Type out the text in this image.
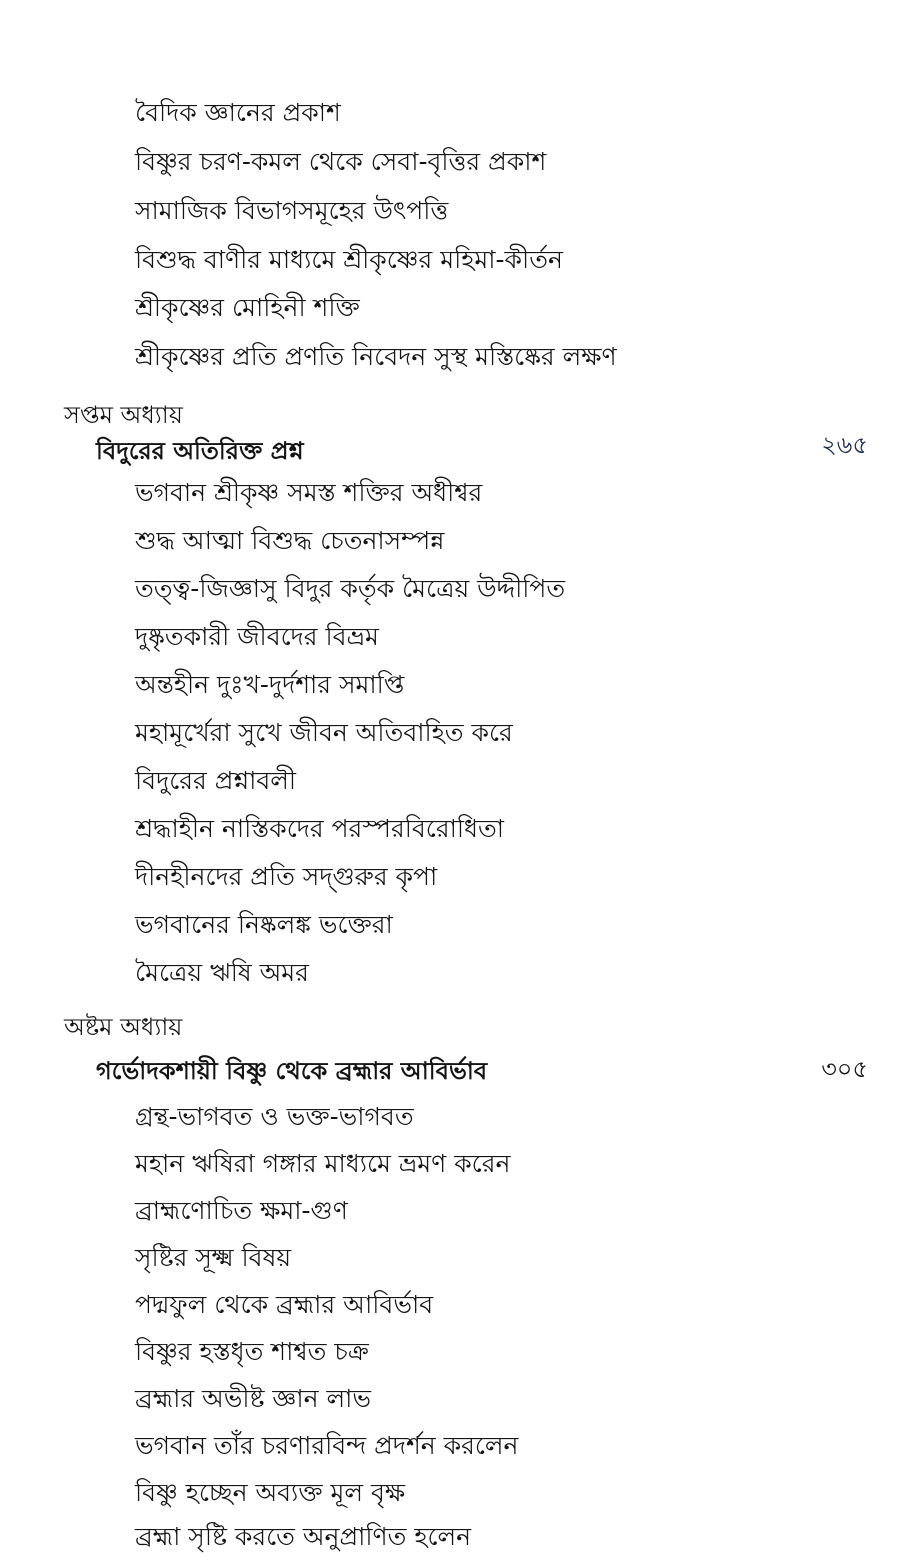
বৈদিক জ্ঞানের প্রকাশ
বিষ্ণুর চরণ-কমল থেকে সেবা-বৃত্তির প্রকাশ
সামাজিক বিভাগসমূহের উৎপত্তি
বিশুদ্ধ বাণীর মাধ্যমে শ্রীকৃষ্ণের মহিমা-কীর্তন
শ্রীকৃষ্ণের মোহিনী শক্তি
শ্রীকৃষ্ণের প্রতি প্রণতি নিবেদন সুস্থ মস্তিষ্কের লক্ষণ
সপ্তম অধ্যায়
বিদুরের অতিরিক্ত প্রশ্ন	২৬৫
ভগবান শ্রীকৃষ্ণ সমস্ত শক্তির অধীশ্বর
শুদ্ধ আত্মা বিশুদ্ধ চেতনাসম্পন্ন
তত্ত্ব-জিজ্ঞাসু বিদুর কর্তৃক মৈত্রেয় উদ্দীপিত
দুষ্কৃতকারী জীবদের বিভ্রম
অন্তহীন দুঃখ-দুর্দশার সমাপ্তি
মহামূর্খেরা সুখে জীবন অতিবাহিত করে
বিদুরের প্রশ্নাবলী
শ্রদ্ধাহীন নাস্তিকদের পরস্পরবিরোধিতা
দীনহীনদের প্রতি সদ্‌গুরুর কৃপা
ভগবানের নিষ্কলঙ্ক ভক্তেরা
মৈত্রেয় ঋষি অমর
অষ্টম অধ্যায়
গর্ভোদকশায়ী বিষ্ণু থেকে ব্রহ্মার আবির্ভাব	৩০৫
গ্রন্থ-ভাগবত ও ভক্ত-ভাগবত
মহান ঋষিরা গঙ্গার মাধ্যমে ভ্রমণ করেন
ব্রাহ্মণোচিত ক্ষমা-গুণ
সৃষ্টির সূক্ষ্ম বিষয়
পদ্মফুল থেকে ব্রহ্মার আবির্ভাব
বিষ্ণুর হস্তধৃত শাশ্বত চক্র
ব্রহ্মার অভীষ্ট জ্ঞান লাভ
ভগবান তাঁর চরণারবিন্দ প্রদর্শন করলেন
বিষ্ণু হচ্ছেন অব্যক্ত মূল বৃক্ষ
ব্রহ্মা সৃষ্টি করতে অনুপ্রাণিত হলেন
